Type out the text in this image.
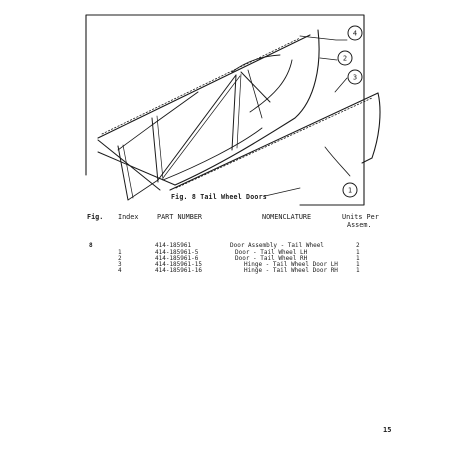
4
2
3
1
Fig. 8 Tail Wheel Doors
Fig. Index	PART NUMBER	NOMENCLATURE	Units Per
Assem.
8	414-185961	Door Assembly - Tail Wheel	2
1	414-185961-5	Door - Tail Wheel LH	1
2	414-185961-6	Door - Tail Wheel RH	1
3	414-185961-15	Hinge - Tail Wheel Door LH	1
4	414-185961-16	Hinge - Tail Wheel Door RH	1
15
